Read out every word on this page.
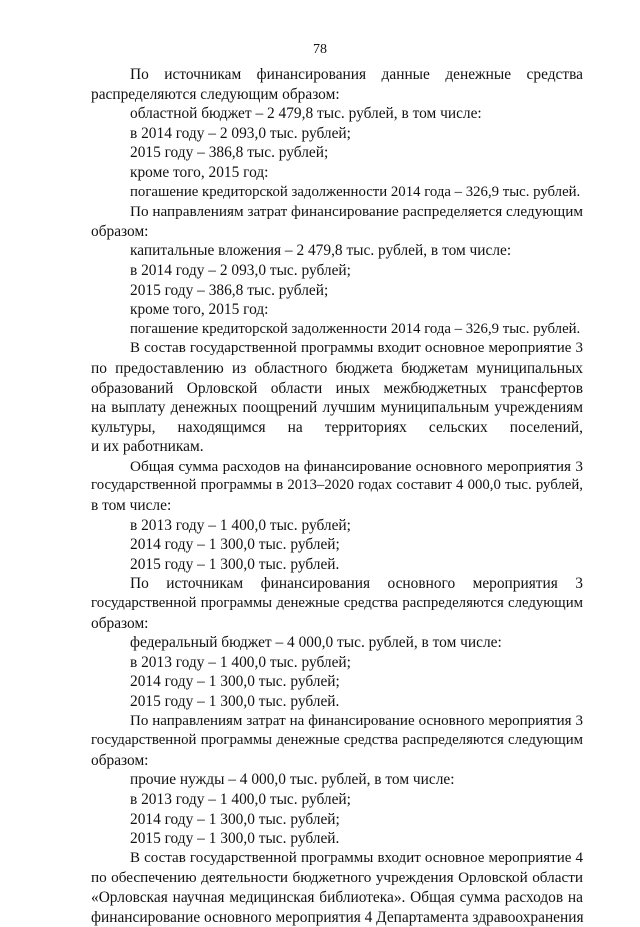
78
По источникам финансирования данные денежные средства
распределяются следующим образом:
областной бюджет – 2 479,8 тыс. рублей, в том числе:
в 2014 году – 2 093,0 тыс. рублей;
2015 году – 386,8 тыс. рублей;
кроме того, 2015 год:
погашение кредиторской задолженности 2014 года – 326,9 тыс. рублей.
По направлениям затрат финансирование распределяется следующим
образом:
капитальные вложения – 2 479,8 тыс. рублей, в том числе:
в 2014 году – 2 093,0 тыс. рублей;
2015 году – 386,8 тыс. рублей;
кроме того, 2015 год:
погашение кредиторской задолженности 2014 года – 326,9 тыс. рублей.
В состав государственной программы входит основное мероприятие 3
по предоставлению из областного бюджета бюджетам муниципальных
образований Орловской области иных межбюджетных трансфертов
на выплату денежных поощрений лучшим муниципальным учреждениям
культуры, находящимся на территориях сельских поселений,
и их работникам.
Общая сумма расходов на финансирование основного мероприятия 3
государственной программы в 2013–2020 годах составит 4 000,0 тыс. рублей,
в том числе:
в 2013 году – 1 400,0 тыс. рублей;
2014 году – 1 300,0 тыс. рублей;
2015 году – 1 300,0 тыс. рублей.
По источникам финансирования основного мероприятия 3
государственной программы денежные средства распределяются следующим
образом:
федеральный бюджет – 4 000,0 тыс. рублей, в том числе:
в 2013 году – 1 400,0 тыс. рублей;
2014 году – 1 300,0 тыс. рублей;
2015 году – 1 300,0 тыс. рублей.
По направлениям затрат на финансирование основного мероприятия 3
государственной программы денежные средства распределяются следующим
образом:
прочие нужды – 4 000,0 тыс. рублей, в том числе:
в 2013 году – 1 400,0 тыс. рублей;
2014 году – 1 300,0 тыс. рублей;
2015 году – 1 300,0 тыс. рублей.
В состав государственной программы входит основное мероприятие 4
по обеспечению деятельности бюджетного учреждения Орловской области
«Орловская научная медицинская библиотека». Общая сумма расходов на
финансирование основного мероприятия 4 Департамента здравоохранения
